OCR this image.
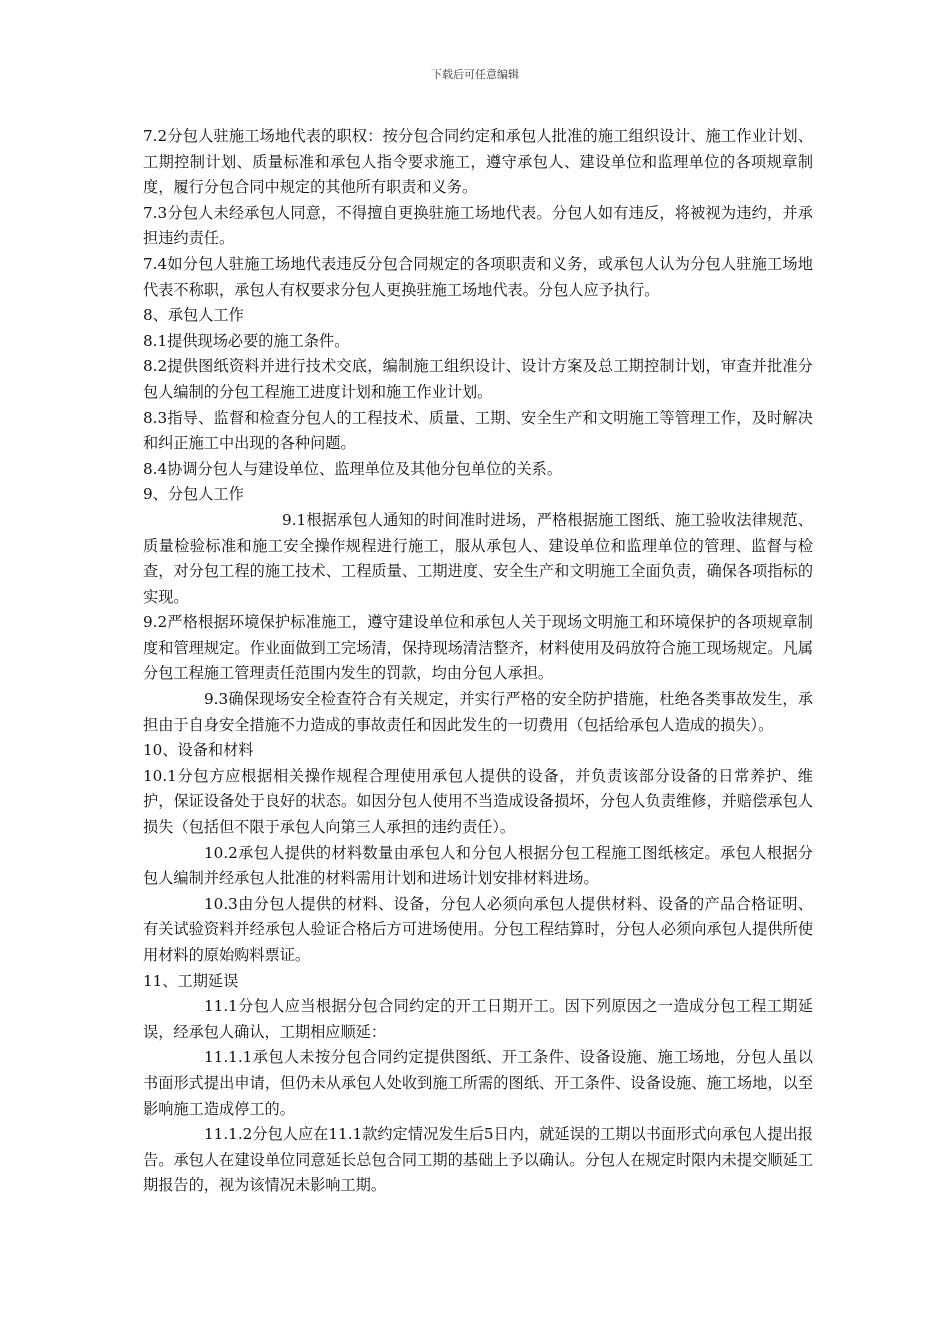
下载后可任意编辑

7.2分包人驻施工场地代表的职权：按分包合同约定和承包人批准的施工组织设计、施工作业计划、工期控制计划、质量标准和承包人指令要求施工，遵守承包人、建设单位和监理单位的各项规章制度，履行分包合同中规定的其他所有职责和义务。

7.3分包人未经承包人同意，不得擅自更换驻施工场地代表。分包人如有违反，将被视为违约，并承担违约责任。

7.4如分包人驻施工场地代表违反分包合同规定的各项职责和义务，或承包人认为分包人驻施工场地代表不称职，承包人有权要求分包人更换驻施工场地代表。分包人应予执行。

8、承包人工作

8.1提供现场必要的施工条件。

8.2提供图纸资料并进行技术交底，编制施工组织设计、设计方案及总工期控制计划，审查并批准分包人编制的分包工程施工进度计划和施工作业计划。

8.3指导、监督和检查分包人的工程技术、质量、工期、安全生产和文明施工等管理工作，及时解决和纠正施工中出现的各种问题。

8.4协调分包人与建设单位、监理单位及其他分包单位的关系。

9、分包人工作

9.1根据承包人通知的时间准时进场，严格根据施工图纸、施工验收法律规范、质量检验标准和施工安全操作规程进行施工，服从承包人、建设单位和监理单位的管理、监督与检查，对分包工程的施工技术、工程质量、工期进度、安全生产和文明施工全面负责，确保各项指标的实现。

9.2严格根据环境保护标准施工，遵守建设单位和承包人关于现场文明施工和环境保护的各项规章制度和管理规定。作业面做到工完场清，保持现场清洁整齐，材料使用及码放符合施工现场规定。凡属分包工程施工管理责任范围内发生的罚款，均由分包人承担。

9.3确保现场安全检查符合有关规定，并实行严格的安全防护措施，杜绝各类事故发生，承担由于自身安全措施不力造成的事故责任和因此发生的一切费用（包括给承包人造成的损失）。

10、设备和材料

10.1分包方应根据相关操作规程合理使用承包人提供的设备，并负责该部分设备的日常养护、维护，保证设备处于良好的状态。如因分包人使用不当造成设备损坏，分包人负责维修，并赔偿承包人损失（包括但不限于承包人向第三人承担的违约责任）。

10.2承包人提供的材料数量由承包人和分包人根据分包工程施工图纸核定。承包人根据分包人编制并经承包人批准的材料需用计划和进场计划安排材料进场。

10.3由分包人提供的材料、设备，分包人必须向承包人提供材料、设备的产品合格证明、有关试验资料并经承包人验证合格后方可进场使用。分包工程结算时，分包人必须向承包人提供所使用材料的原始购料票证。

11、工期延误

11.1分包人应当根据分包合同约定的开工日期开工。因下列原因之一造成分包工程工期延误，经承包人确认，工期相应顺延：

11.1.1承包人未按分包合同约定提供图纸、开工条件、设备设施、施工场地，分包人虽以书面形式提出申请，但仍未从承包人处收到施工所需的图纸、开工条件、设备设施、施工场地，以至影响施工造成停工的。

11.1.2分包人应在11.1款约定情况发生后5日内，就延误的工期以书面形式向承包人提出报告。承包人在建设单位同意延长总包合同工期的基础上予以确认。分包人在规定时限内未提交顺延工期报告的，视为该情况未影响工期。
